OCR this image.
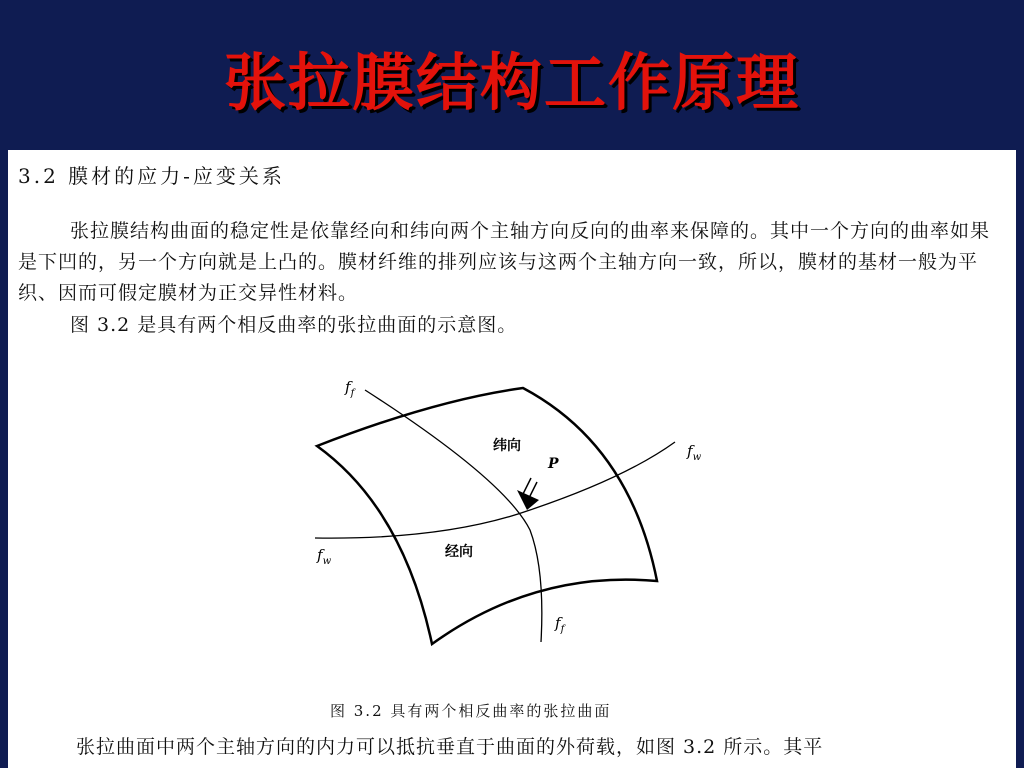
张拉膜结构工作原理
3.2 膜材的应力-应变关系
张拉膜结构曲面的稳定性是依靠经向和纬向两个主轴方向反向的曲率来保障的。其中一个方向的曲率如果是下凹的，另一个方向就是上凸的。膜材纤维的排列应该与这两个主轴方向一致，所以，膜材的基材一般为平织、因而可假定膜材为正交异性材料。
图 3.2 是具有两个相反曲率的张拉曲面的示意图。
$f_f$
$f_w$
$f_w$
$f_f$
纬向
经向
P
图 3.2 具有两个相反曲率的张拉曲面
张拉曲面中两个主轴方向的内力可以抵抗垂直于曲面的外荷载，如图 3.2 所示。其平
